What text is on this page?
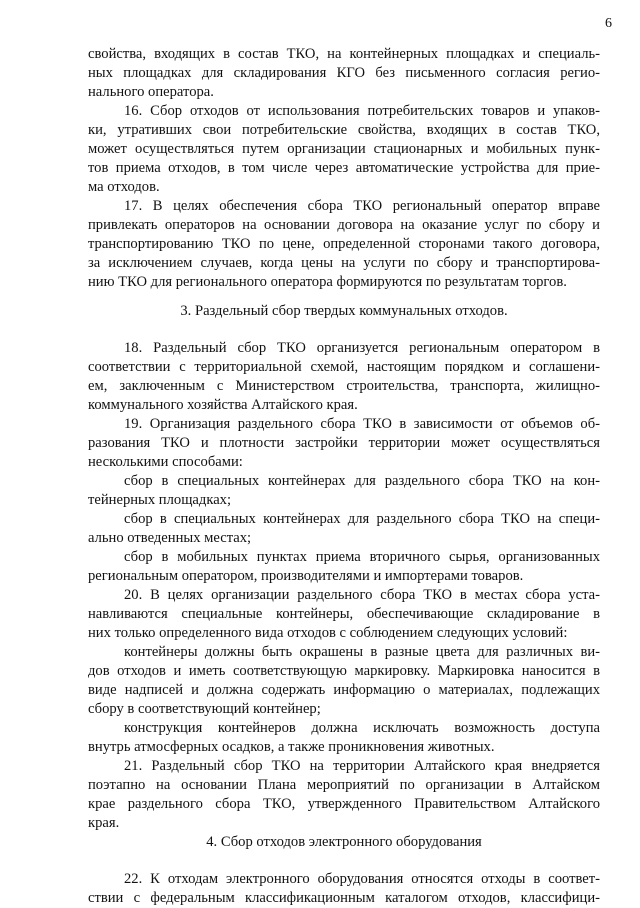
6
свойства, входящих в состав ТКО, на контейнерных площадках и специаль-
ных площадках для складирования КГО без письменного согласия регио-
нального оператора.
16. Сбор отходов от использования потребительских товаров и упаков-
ки, утративших свои потребительские свойства, входящих в состав ТКО,
может осуществляться путем организации стационарных и мобильных пунк-
тов приема отходов, в том числе через автоматические устройства для прие-
ма отходов.
17. В целях обеспечения сбора ТКО региональный оператор вправе
привлекать операторов на основании договора на оказание услуг по сбору и
транспортированию ТКО по цене, определенной сторонами такого договора,
за исключением случаев, когда цены на услуги по сбору и транспортирова-
нию ТКО для регионального оператора формируются по результатам торгов.
3. Раздельный сбор твердых коммунальных отходов.
18. Раздельный сбор ТКО организуется региональным оператором в
соответствии с территориальной схемой, настоящим порядком и соглашени-
ем, заключенным с Министерством строительства, транспорта, жилищно-
коммунального хозяйства Алтайского края.
19. Организация раздельного сбора ТКО в зависимости от объемов об-
разования ТКО и плотности застройки территории может осуществляться
несколькими способами:
сбор в специальных контейнерах для раздельного сбора ТКО на кон-
тейнерных площадках;
сбор в специальных контейнерах для раздельного сбора ТКО на специ-
ально отведенных местах;
сбор в мобильных пунктах приема вторичного сырья, организованных
региональным оператором, производителями и импортерами товаров.
20. В целях организации раздельного сбора ТКО в местах сбора уста-
навливаются специальные контейнеры, обеспечивающие складирование в
них только определенного вида отходов с соблюдением следующих условий:
контейнеры должны быть окрашены в разные цвета для различных ви-
дов отходов и иметь соответствующую маркировку. Маркировка наносится в
виде надписей и должна содержать информацию о материалах, подлежащих
сбору в соответствующий контейнер;
конструкция контейнеров должна исключать возможность доступа
внутрь атмосферных осадков, а также проникновения животных.
21. Раздельный сбор ТКО на территории Алтайского края внедряется
поэтапно на основании Плана мероприятий по организации в Алтайском
крае раздельного сбора ТКО, утвержденного Правительством Алтайского
края.
4. Сбор отходов электронного оборудования
22. К отходам электронного оборудования относятся отходы в соответ-
ствии с федеральным классификационным каталогом отходов, классифици-
